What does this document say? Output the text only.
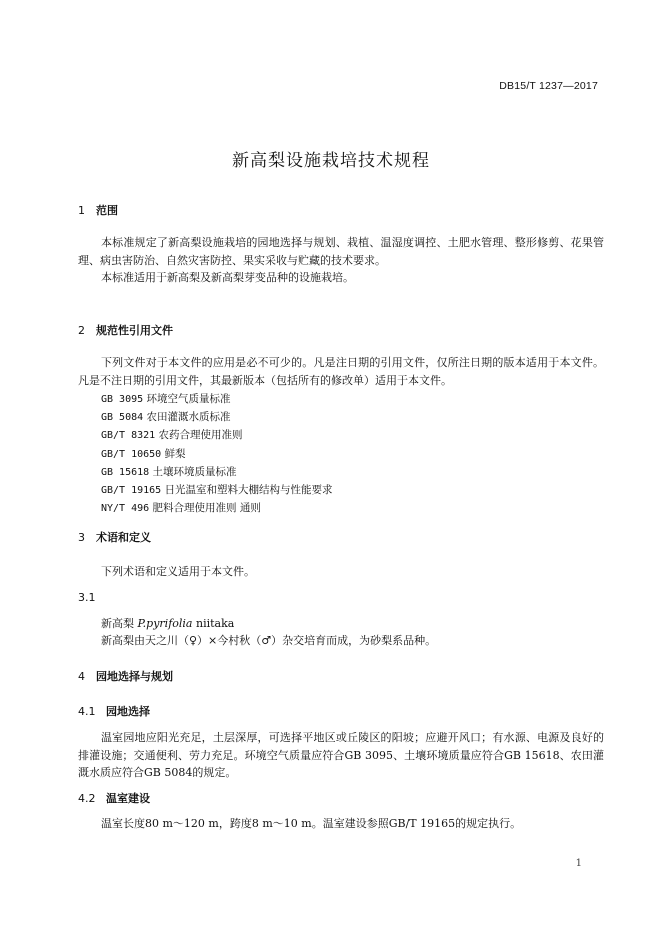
DB15/T 1237—2017
新高梨设施栽培技术规程
1 范围
本标准规定了新高梨设施栽培的园地选择与规划、栽植、温湿度调控、土肥水管理、整形修剪、花果管理、病虫害防治、自然灾害防控、果实采收与贮藏的技术要求。
本标准适用于新高梨及新高梨芽变品种的设施栽培。
2 规范性引用文件
下列文件对于本文件的应用是必不可少的。凡是注日期的引用文件，仅所注日期的版本适用于本文件。凡是不注日期的引用文件，其最新版本（包括所有的修改单）适用于本文件。
GB 3095 环境空气质量标准
GB 5084 农田灌溉水质标准
GB/T 8321 农药合理使用准则
GB/T 10650 鲜梨
GB 15618 土壤环境质量标准
GB/T 19165 日光温室和塑料大棚结构与性能要求
NY/T 496 肥料合理使用准则 通则
3 术语和定义
下列术语和定义适用于本文件。
3.1
新高梨 P.pyrifolia niitaka
新高梨由天之川（♀）×今村秋（♂）杂交培育而成，为砂梨系品种。
4 园地选择与规划
4.1 园地选择
温室园地应阳光充足，土层深厚，可选择平地区或丘陵区的阳坡；应避开风口；有水源、电源及良好的排灌设施；交通便利、劳力充足。环境空气质量应符合GB 3095、土壤环境质量应符合GB 15618、农田灌溉水质应符合GB 5084的规定。
4.2 温室建设
温室长度80 m～120 m，跨度8 m～10 m。温室建设参照GB/T 19165的规定执行。
1
